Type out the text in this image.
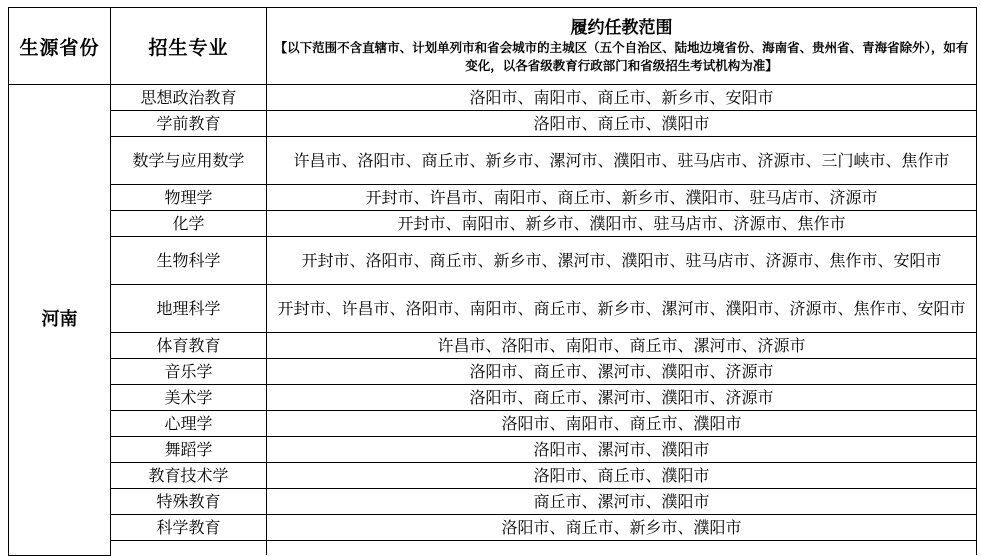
生源省份	招生专业	履约任教范围
【以下范围不含直辖市、计划单列市和省会城市的主城区（五个自治区、陆地边境省份、海南省、贵州省、青海省除外），如有变化，以各省级教育行政部门和省级招生考试机构为准】

河南	思想政治教育	洛阳市、南阳市、商丘市、新乡市、安阳市
	学前教育	洛阳市、商丘市、濮阳市
	数学与应用数学	许昌市、洛阳市、商丘市、新乡市、漯河市、濮阳市、驻马店市、济源市、三门峡市、焦作市
	物理学	开封市、许昌市、南阳市、商丘市、新乡市、濮阳市、驻马店市、济源市
	化学	开封市、南阳市、新乡市、濮阳市、驻马店市、济源市、焦作市
	生物科学	开封市、洛阳市、商丘市、新乡市、漯河市、濮阳市、驻马店市、济源市、焦作市、安阳市
	地理科学	开封市、许昌市、洛阳市、南阳市、商丘市、新乡市、漯河市、濮阳市、济源市、焦作市、安阳市
	体育教育	许昌市、洛阳市、南阳市、商丘市、漯河市、济源市
	音乐学	洛阳市、商丘市、漯河市、濮阳市、济源市
	美术学	洛阳市、商丘市、漯河市、濮阳市、济源市
	心理学	洛阳市、南阳市、商丘市、濮阳市
	舞蹈学	洛阳市、漯河市、濮阳市
	教育技术学	洛阳市、商丘市、濮阳市
	特殊教育	商丘市、漯河市、濮阳市
	科学教育	洛阳市、商丘市、新乡市、濮阳市
